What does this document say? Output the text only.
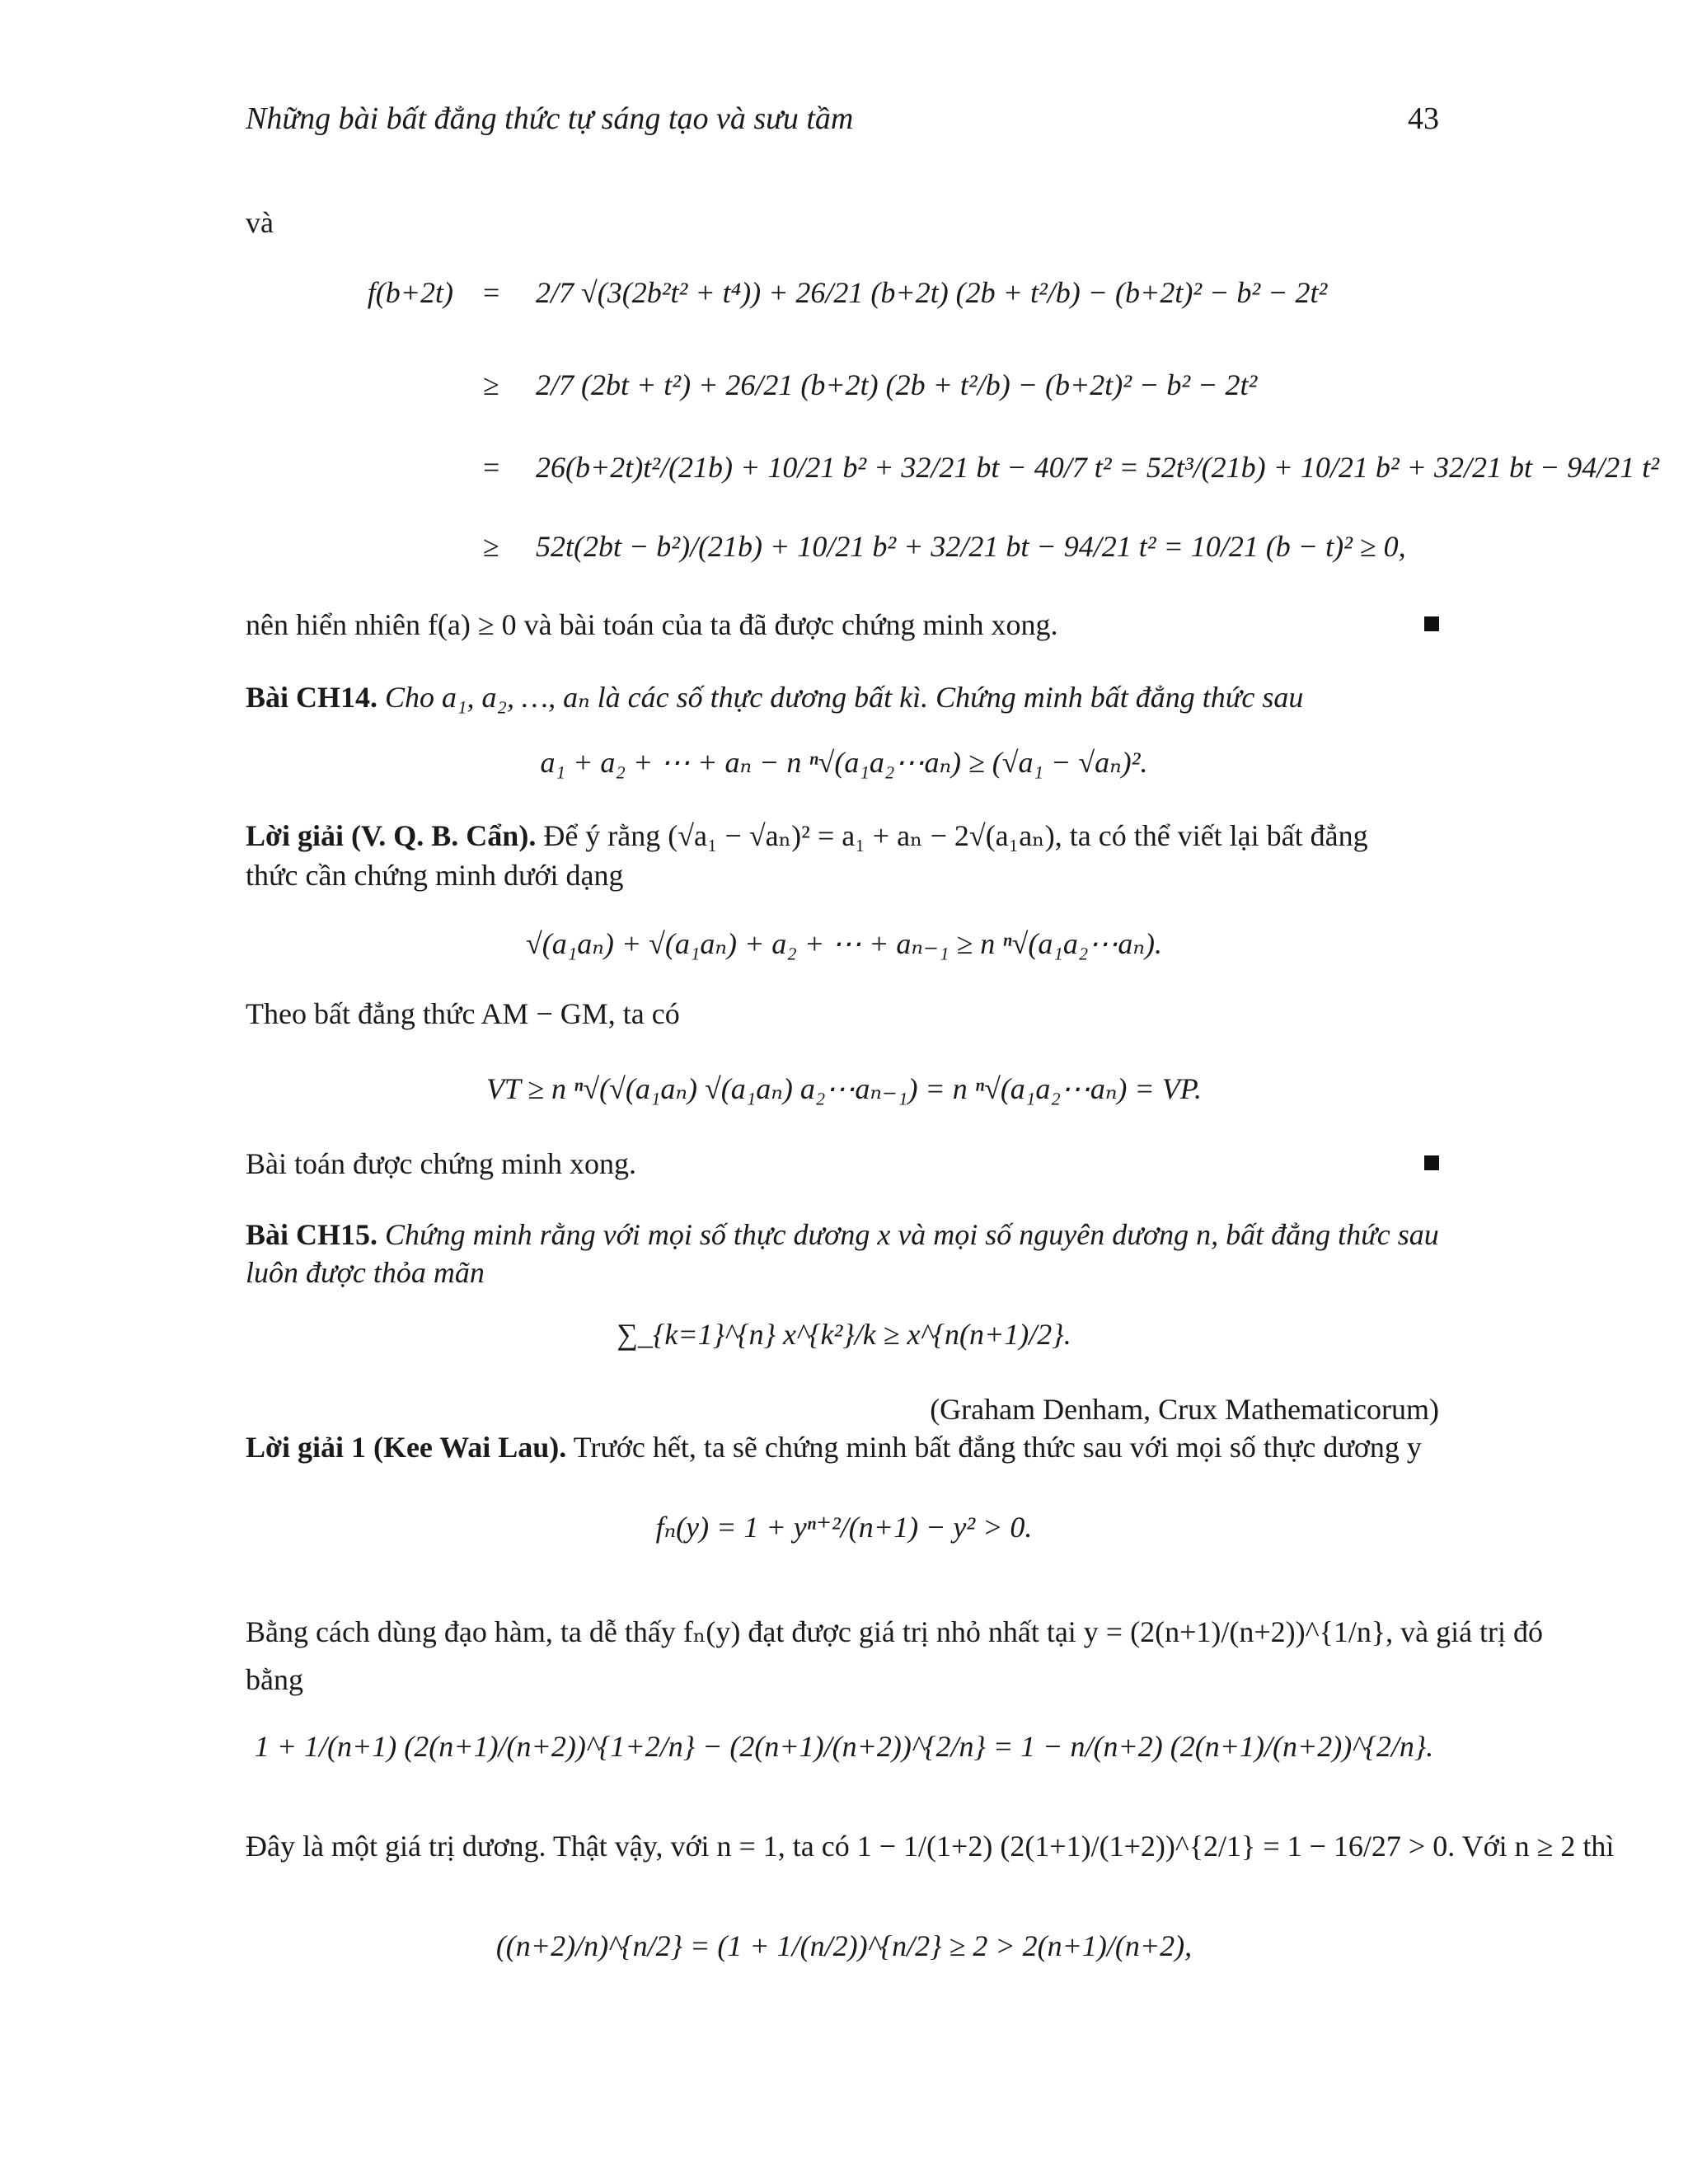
Những bài bất đẳng thức tự sáng tạo và sưu tầm	43
và
f(b+2t) = 2/7 √(3(2b²t² + t⁴)) + 26/21 (b+2t) (2b + t²/b) − (b+2t)² − b² − 2t²
≥ 2/7 (2bt + t²) + 26/21 (b+2t) (2b + t²/b) − (b+2t)² − b² − 2t²
= 26(b+2t)t²/(21b) + 10/21 b² + 32/21 bt − 40/7 t² = 52t³/(21b) + 10/21 b² + 32/21 bt − 94/21 t²
≥ 52t(2bt − b²)/(21b) + 10/21 b² + 32/21 bt − 94/21 t² = 10/21 (b − t)² ≥ 0,
nên hiển nhiên f(a) ≥ 0 và bài toán của ta đã được chứng minh xong.
Bài CH14. Cho a₁, a₂, …, aₙ là các số thực dương bất kì. Chứng minh bất đẳng thức sau
a₁ + a₂ + ⋯ + aₙ − n ⁿ√(a₁a₂⋯aₙ) ≥ (√a₁ − √aₙ)².
Lời giải (V. Q. B. Cẩn). Để ý rằng (√a₁ − √aₙ)² = a₁ + aₙ − 2√(a₁aₙ), ta có thể viết lại bất đẳng
thức cần chứng minh dưới dạng
√(a₁aₙ) + √(a₁aₙ) + a₂ + ⋯ + aₙ₋₁ ≥ n ⁿ√(a₁a₂⋯aₙ).
Theo bất đẳng thức AM − GM, ta có
VT ≥ n ⁿ√(√(a₁aₙ) √(a₁aₙ) a₂⋯aₙ₋₁) = n ⁿ√(a₁a₂⋯aₙ) = VP.
Bài toán được chứng minh xong.
Bài CH15. Chứng minh rằng với mọi số thực dương x và mọi số nguyên dương n, bất đẳng thức sau
luôn được thỏa mãn
∑_{k=1}^{n} x^{k²}/k ≥ x^{n(n+1)/2}.
(Graham Denham, Crux Mathematicorum)
Lời giải 1 (Kee Wai Lau). Trước hết, ta sẽ chứng minh bất đẳng thức sau với mọi số thực dương y
fₙ(y) = 1 + yⁿ⁺²/(n+1) − y² > 0.
Bằng cách dùng đạo hàm, ta dễ thấy fₙ(y) đạt được giá trị nhỏ nhất tại y = (2(n+1)/(n+2))^{1/n}, và giá trị đó
bằng
1 + 1/(n+1) (2(n+1)/(n+2))^{1+2/n} − (2(n+1)/(n+2))^{2/n} = 1 − n/(n+2) (2(n+1)/(n+2))^{2/n}.
Đây là một giá trị dương. Thật vậy, với n = 1, ta có 1 − 1/(1+2) (2(1+1)/(1+2))^{2/1} = 1 − 16/27 > 0. Với n ≥ 2 thì
((n+2)/n)^{n/2} = (1 + 1/(n/2))^{n/2} ≥ 2 > 2(n+1)/(n+2),
